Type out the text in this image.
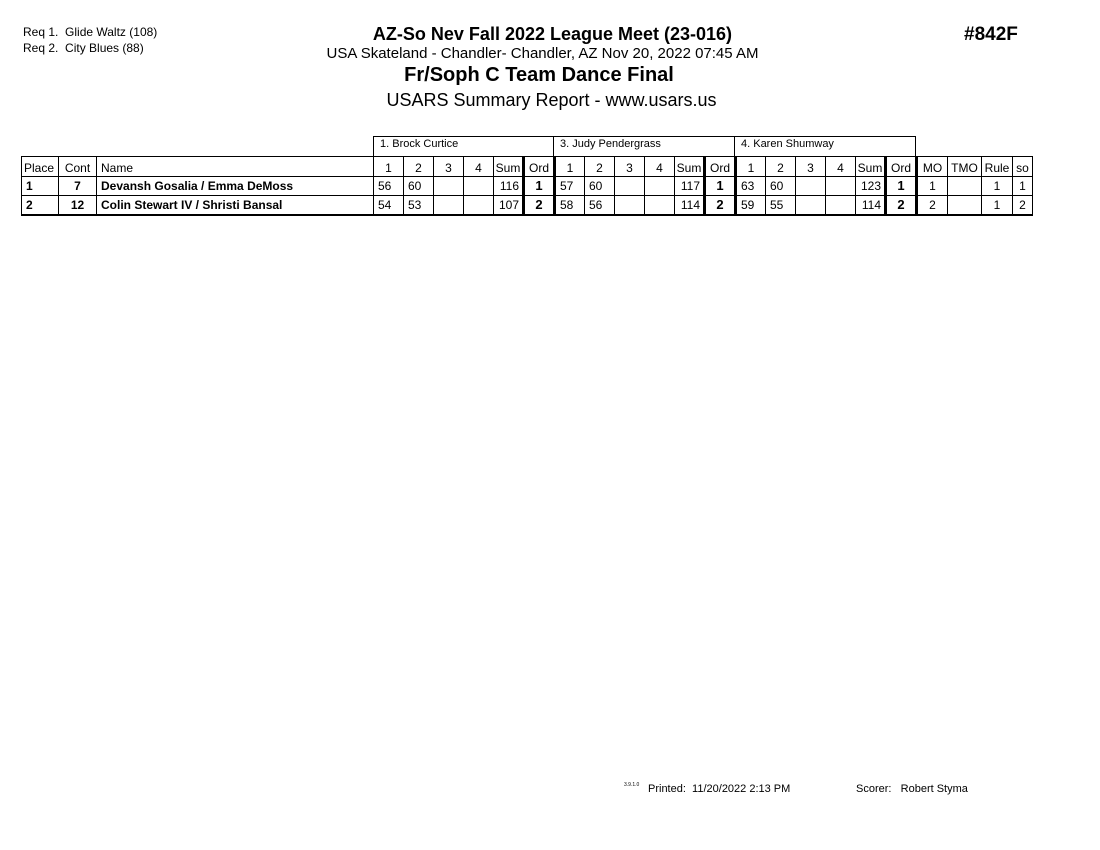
Req 1. Glide Waltz (108)
Req 2. City Blues (88)
AZ-So Nev Fall 2022 League Meet (23-016)
USA Skateland - Chandler- Chandler, AZ Nov 20, 2022 07:45 AM
Fr/Soph C Team Dance Final
USARS Summary Report - www.usars.us
#842F
1. Brock Curtice	3. Judy Pendergrass	4. Karen Shumway
Place	Cont	Name	1	2	3	4	Sum	Ord	1	2	3	4	Sum	Ord	1	2	3	4	Sum	Ord	MO	TMO	Rule	so
1	7	Devansh Gosalia / Emma DeMoss	56	60			116	1	57	60			117	1	63	60			123	1	1		1	1
2	12	Colin Stewart IV / Shristi Bansal	54	53			107	2	58	56			114	2	59	55			114	2	2		1	2
3.9.1.0 Printed: 11/20/2022 2:13 PM	Scorer: Robert Styma
